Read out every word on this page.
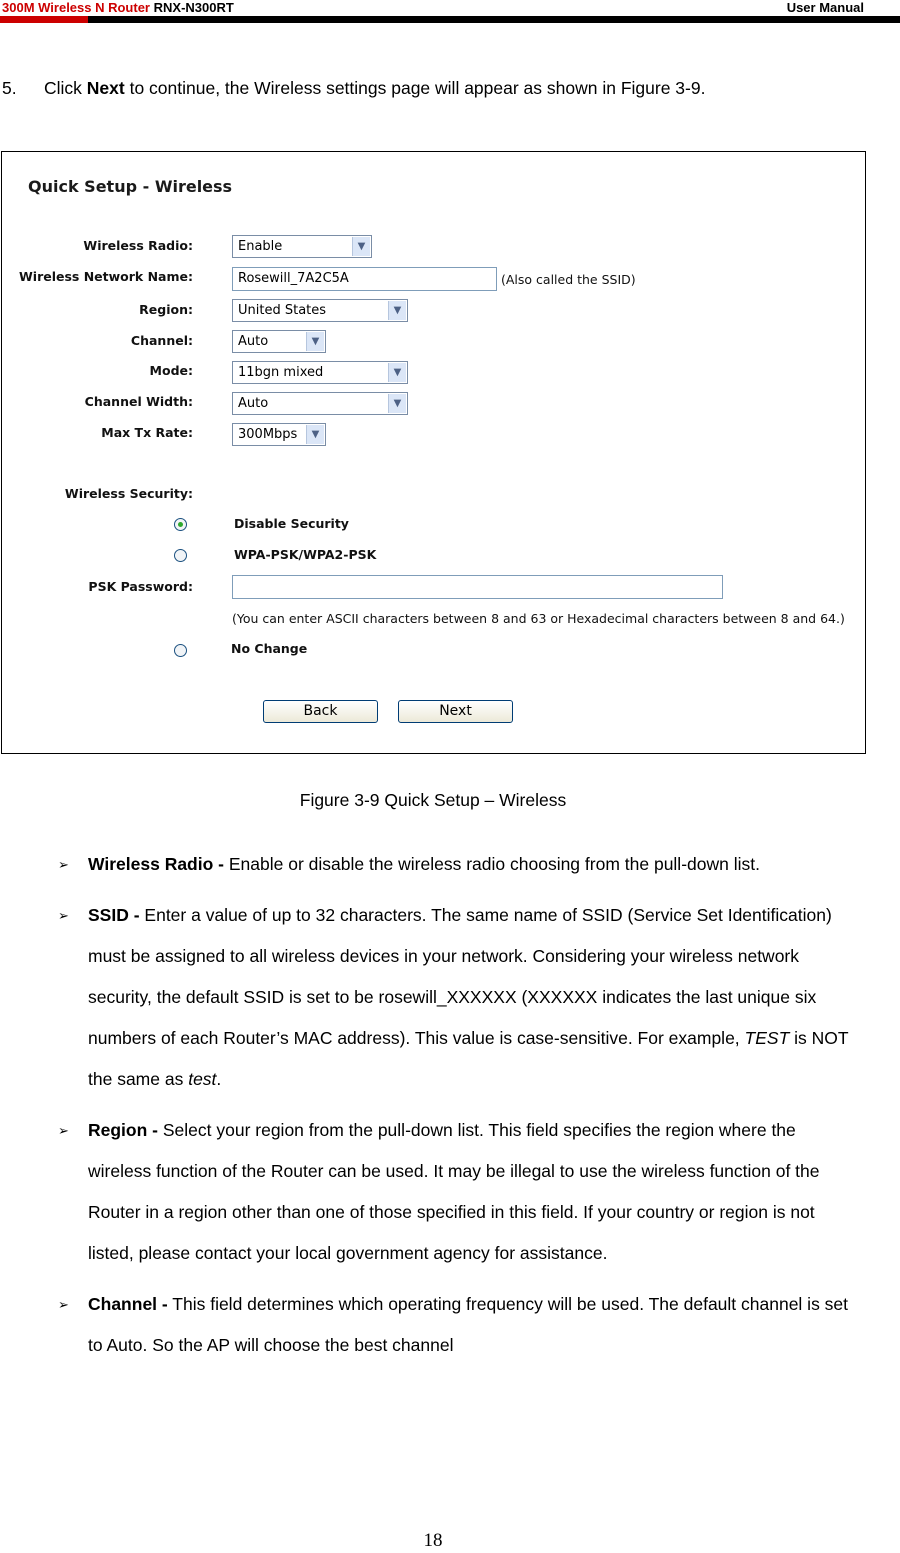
300M Wireless N Router RNX-N300RT	User Manual
5. Click Next to continue, the Wireless settings page will appear as shown in Figure 3-9.
Quick Setup - Wireless
Wireless Radio:	Enable	▼
Wireless Network Name:	Rosewill_7A2C5A	(Also called the SSID)
Region:	United States	▼
Channel:	Auto	▼
Mode:	11bgn mixed	▼
Channel Width:	Auto	▼
Max Tx Rate:	300Mbps	▼
Wireless Security:
Disable Security
WPA-PSK/WPA2-PSK
PSK Password:
(You can enter ASCII characters between 8 and 63 or Hexadecimal characters between 8 and 64.)
No Change
Back	Next
Figure 3-9 Quick Setup – Wireless
➢ Wireless Radio - Enable or disable the wireless radio choosing from the pull-down list.
➢ SSID - Enter a value of up to 32 characters. The same name of SSID (Service Set Identification) must be assigned to all wireless devices in your network. Considering your wireless network security, the default SSID is set to be rosewill_XXXXXX (XXXXXX indicates the last unique six numbers of each Router’s MAC address). This value is case-sensitive. For example, TEST is NOT the same as test.
➢ Region - Select your region from the pull-down list. This field specifies the region where the wireless function of the Router can be used. It may be illegal to use the wireless function of the Router in a region other than one of those specified in this field. If your country or region is not listed, please contact your local government agency for assistance.
➢ Channel - This field determines which operating frequency will be used. The default channel is set to Auto. So the AP will choose the best channel
18
